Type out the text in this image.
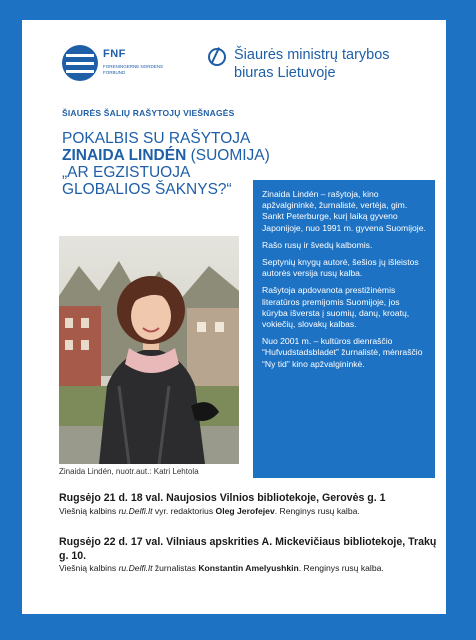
FNF
FORENINGERNE NORDENS FORBUND
Šiaurės ministrų tarybos
biuras Lietuvoje
ŠIAURĖS ŠALIŲ RAŠYTOJŲ VIEŠNAGĖS
POKALBIS SU RAŠYTOJA
ZINAIDA LINDÉN (SUOMIJA)
„AR EGZISTUOJA
GLOBALIOS ŠAKNYS?“
Zinaida Lindén, nuotr.aut.: Katri Lehtola

Zinaida Lindén – rašytoja, kino apžvalgininkė, žurnalistė, vertėja, gim. Sankt Peterburge, kurį laiką gyveno Japonijoje, nuo 1991 m. gyvena Suomijoje.

Rašo rusų ir švedų kalbomis.

Septynių knygų autorė, šešios jų išleistos autorės versija rusų kalba.

Rašytoja apdovanota prestižinėmis literatūros premijomis Suomijoje, jos kūryba išversta į suomių, danų, kroatų, vokiečių, slovakų kalbas.

Nuo 2001 m. – kultūros dienraščio “Hufvudstadsbladet” žurnalistė, mėnraščio “Ny tid” kino apžvalgininkė.

Rugsėjo 21 d. 18 val. Naujosios Vilnios bibliotekoje, Gerovės g. 1
Viešnią kalbins ru.Delfi.lt vyr. redaktorius Oleg Jerofejev. Renginys rusų kalba.
Rugsėjo 22 d. 17 val. Vilniaus apskrities A. Mickevičiaus bibliotekoje, Trakų g. 10.
Viešnią kalbins ru.Delfi.lt žurnalistas Konstantin Amelyushkin. Renginys rusų kalba.
